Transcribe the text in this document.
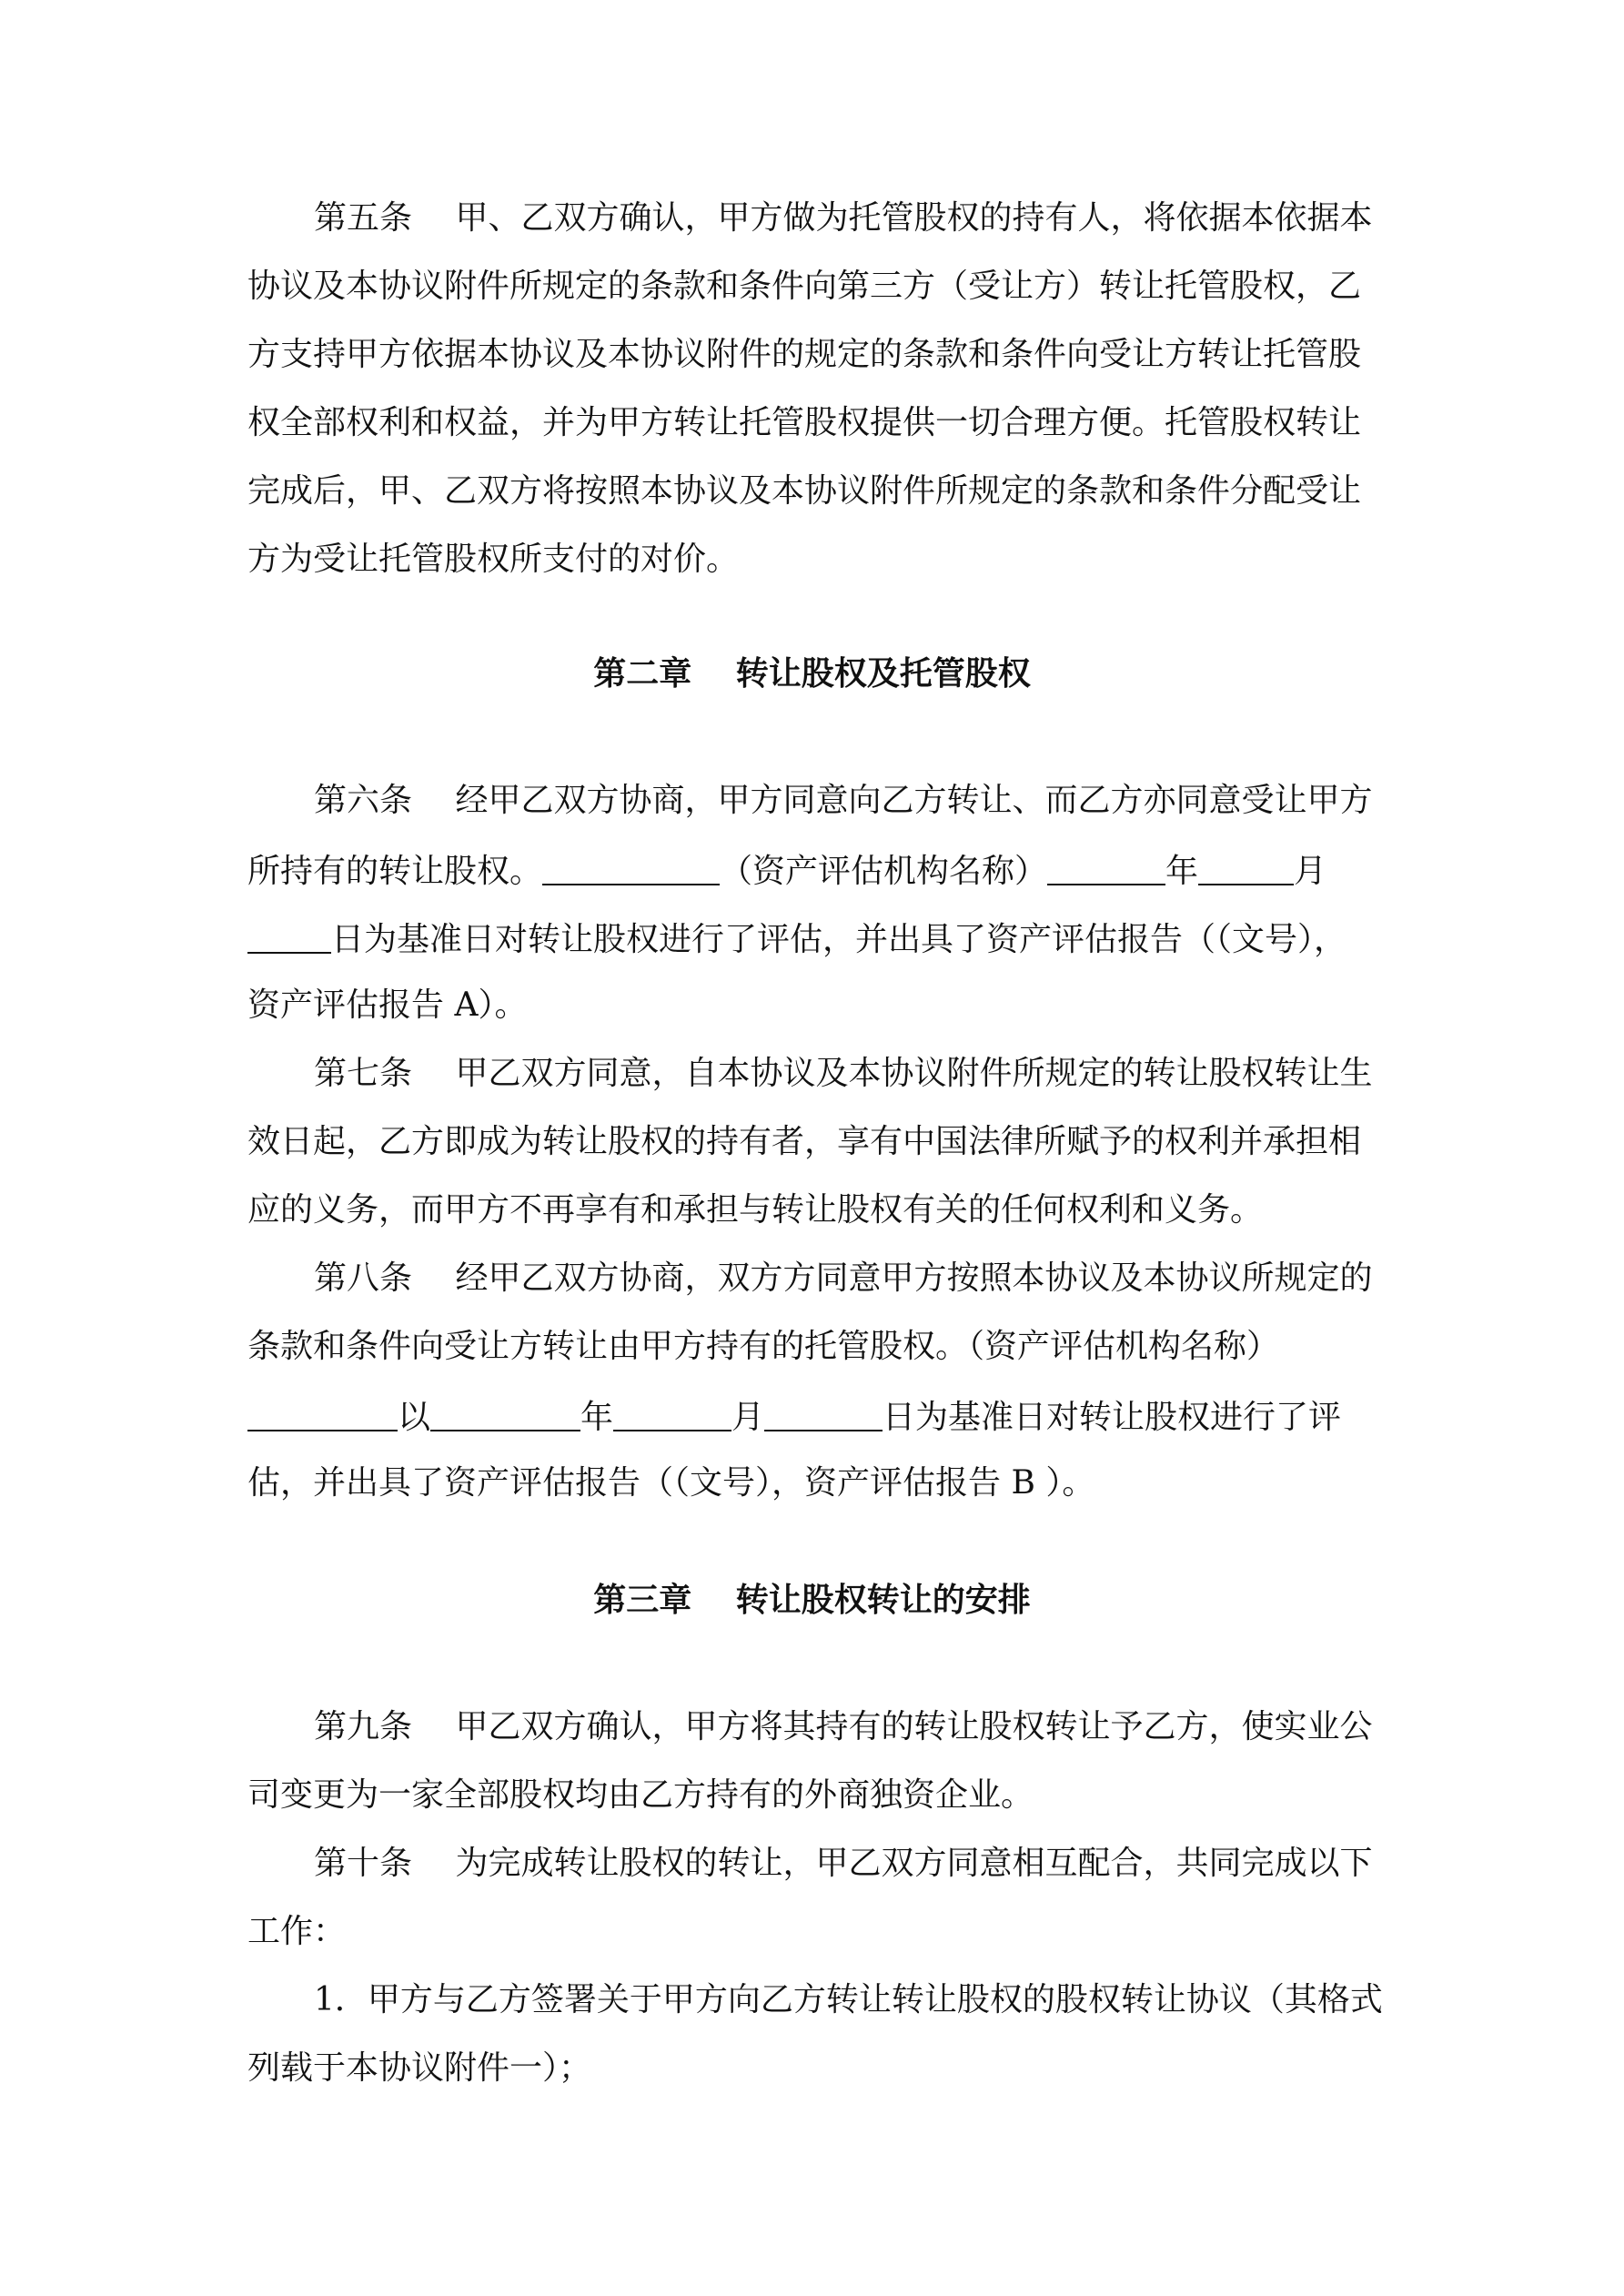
第五条　 甲、乙双方确认，甲方做为托管股权的持有人，将依据本依据本
协议及本协议附件所规定的条款和条件向第三方（受让方）转让托管股权，乙
方支持甲方依据本协议及本协议附件的规定的条款和条件向受让方转让托管股
权全部权利和权益，并为甲方转让托管股权提供一切合理方便。托管股权转让
完成后，甲、乙双方将按照本协议及本协议附件所规定的条款和条件分配受让
方为受让托管股权所支付的对价。
第二章　 转让股权及托管股权
第六条　 经甲乙双方协商，甲方同意向乙方转让、而乙方亦同意受让甲方
所持有的转让股权。	（资产评估机构名称）	年	月
日为基准日对转让股权进行了评估，并出具了资产评估报告（（文号），
资产评估报告 A）。
第七条　 甲乙双方同意，自本协议及本协议附件所规定的转让股权转让生
效日起，乙方即成为转让股权的持有者，享有中国法律所赋予的权利并承担相
应的义务，而甲方不再享有和承担与转让股权有关的任何权利和义务。
第八条　 经甲乙双方协商，双方方同意甲方按照本协议及本协议所规定的
条款和条件向受让方转让由甲方持有的托管股权。（资产评估机构名称）
以	年	月	日为基准日对转让股权进行了评
估，并出具了资产评估报告（（文号），资产评估报告 B ）。
第三章　 转让股权转让的安排
第九条　 甲乙双方确认，甲方将其持有的转让股权转让予乙方，使实业公
司变更为一家全部股权均由乙方持有的外商独资企业。
第十条　 为完成转让股权的转让，甲乙双方同意相互配合，共同完成以下
工作：
1．甲方与乙方签署关于甲方向乙方转让转让股权的股权转让协议（其格式
列载于本协议附件一）；
